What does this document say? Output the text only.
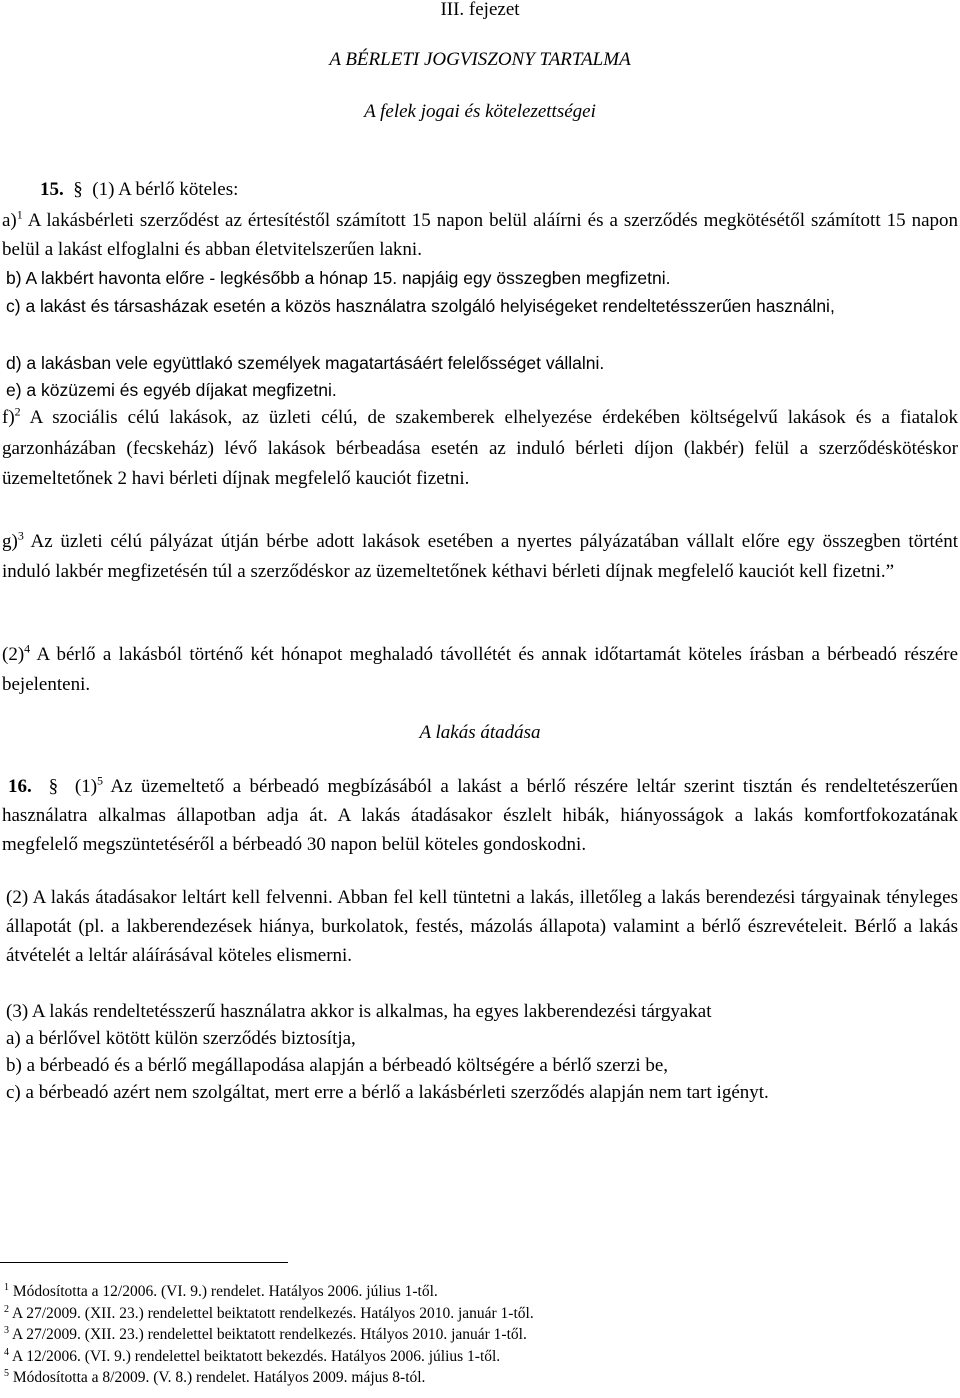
III. fejezet

A BÉRLETI JOGVISZONY TARTALMA

A felek jogai és kötelezettségei

15. § (1) A bérlő köteles:

a)$^1$ A lakásbérleti szerződést az értesítéstől számított 15 napon belül aláírni és a szerződés megkötésétől számított 15 napon belül a lakást elfoglalni és abban életvitelszerűen lakni.

b) A lakbért havonta előre - legkésőbb a hónap 15. napjáig egy összegben megfizetni.

c) a lakást és társasházak esetén a közös használatra szolgáló helyiségeket rendeltetésszerűen használni,

d) a lakásban vele együttlakó személyek magatartásáért felelősséget vállalni.

e) a közüzemi és egyéb díjakat megfizetni.

f)$^2$ A szociális célú lakások, az üzleti célú, de szakemberek elhelyezése érdekében költségelvű lakások és a fiatalok garzonházában (fecskeház) lévő lakások bérbeadása esetén az induló bérleti díjon (lakbér) felül a szerződéskötéskor üzemeltetőnek 2 havi bérleti díjnak megfelelő kauciót fizetni.

g)$^3$ Az üzleti célú pályázat útján bérbe adott lakások esetében a nyertes pályázatában vállalt előre egy összegben történt induló lakbér megfizetésén túl a szerződéskor az üzemeltetőnek kéthavi bérleti díjnak megfelelő kauciót kell fizetni.”

$(2)^4$ A bérlő a lakásból történő két hónapot meghaladó távollétét és annak időtartamát köteles írásban a bérbeadó részére bejelenteni.

A lakás átadása

16. § $(1)^5$ Az üzemeltető a bérbeadó megbízásából a lakást a bérlő részére leltár szerint tisztán és rendeltetészerűen használatra alkalmas állapotban adja át. A lakás átadásakor észlelt hibák, hiányosságok a lakás komfortfokozatának megfelelő megszüntetéséről a bérbeadó 30 napon belül köteles gondoskodni.

(2) A lakás átadásakor leltárt kell felvenni. Abban fel kell tüntetni a lakás, illetőleg a lakás berendezési tárgyainak tényleges állapotát (pl. a lakberendezések hiánya, burkolatok, festés, mázolás állapota) valamint a bérlő észrevételeit. Bérlő a lakás átvételét a leltár aláírásával köteles elismerni.

(3) A lakás rendeltetésszerű használatra akkor is alkalmas, ha egyes lakberendezési tárgyakat

a) a bérlővel kötött külön szerződés biztosítja,

b) a bérbeadó és a bérlő megállapodása alapján a bérbeadó költségére a bérlő szerzi be,

c) a bérbeadó azért nem szolgáltat, mert erre a bérlő a lakásbérleti szerződés alapján nem tart igényt.

$^1$ Módosította a 12/2006. (VI. 9.) rendelet. Hatályos 2006. július 1-től.

$^2$ A 27/2009. (XII. 23.) rendelettel beiktatott rendelkezés. Hatályos 2010. január 1-től.

$^3$ A 27/2009. (XII. 23.) rendelettel beiktatott rendelkezés. Htályos 2010. január 1-től.

$^4$ A 12/2006. (VI. 9.) rendelettel beiktatott bekezdés. Hatályos 2006. július 1-től.

$^5$ Módosította a 8/2009. (V. 8.) rendelet. Hatályos 2009. május 8-tól.
